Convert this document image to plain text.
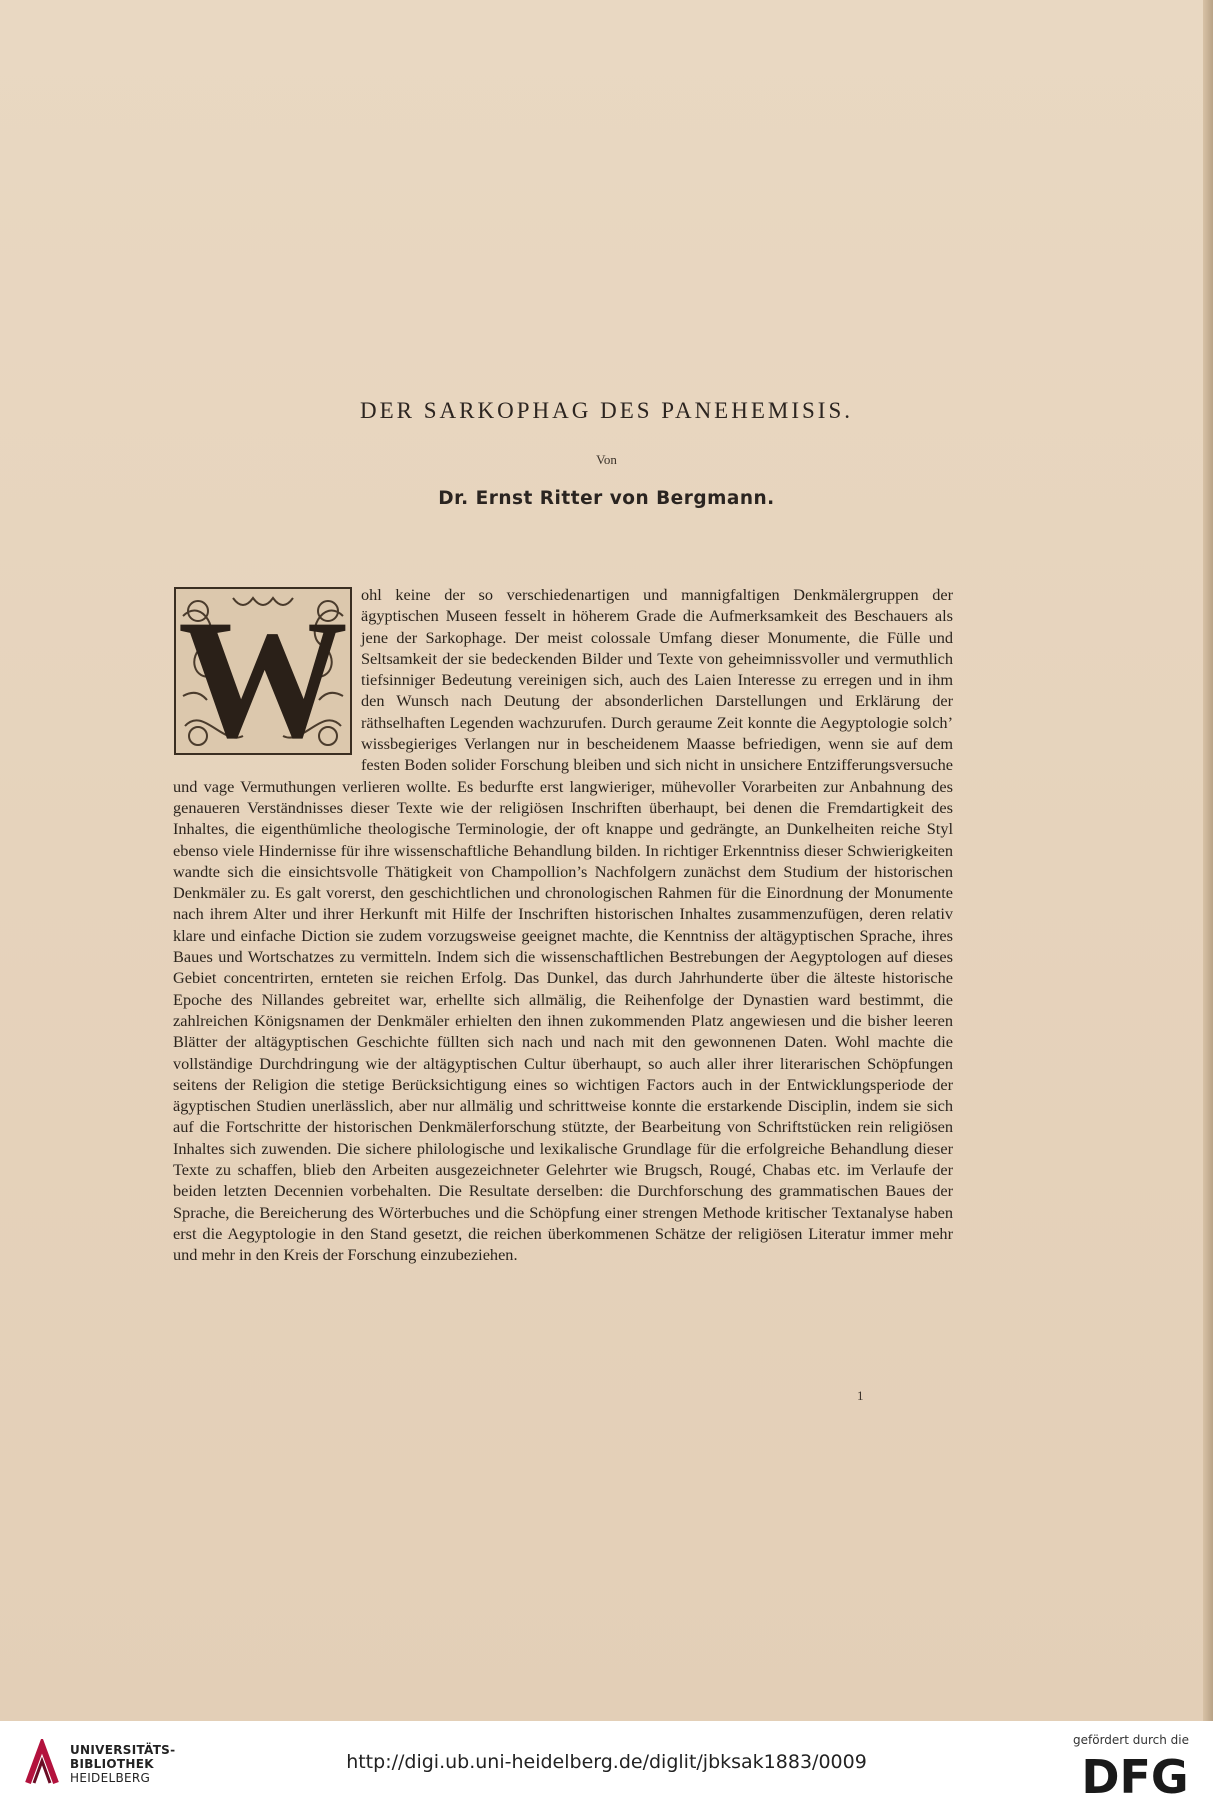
DER SARKOPHAG DES PANEHEMISIS.
Von
Dr. Ernst Ritter von Bergmann.
W ohl keine der so verschiedenartigen und mannigfaltigen Denkmälergruppen der ägyptischen Museen fesselt in höherem Grade die Aufmerksamkeit des Beschauers als jene der Sarkophage. Der meist colossale Umfang dieser Monumente, die Fülle und Seltsamkeit der sie bedeckenden Bilder und Texte von geheimnissvoller und vermuthlich tiefsinniger Bedeutung vereinigen sich, auch des Laien Interesse zu erregen und in ihm den Wunsch nach Deutung der absonderlichen Darstellungen und Erklärung der räthselhaften Legenden wachzurufen. Durch geraume Zeit konnte die Aegyptologie solch’ wissbegieriges Verlangen nur in bescheidenem Maasse befriedigen, wenn sie auf dem festen Boden solider Forschung bleiben und sich nicht in unsichere Entzifferungsversuche und vage Vermuthungen verlieren wollte. Es bedurfte erst langwieriger, mühevoller Vorarbeiten zur Anbahnung des genaueren Verständnisses dieser Texte wie der religiösen Inschriften überhaupt, bei denen die Fremdartigkeit des Inhaltes, die eigenthümliche theologische Terminologie, der oft knappe und gedrängte, an Dunkelheiten reiche Styl ebenso viele Hindernisse für ihre wissenschaftliche Behandlung bilden. In richtiger Erkenntniss dieser Schwierigkeiten wandte sich die einsichtsvolle Thätigkeit von Champollion’s Nachfolgern zunächst dem Studium der historischen Denkmäler zu. Es galt vorerst, den geschichtlichen und chronologischen Rahmen für die Einordnung der Monumente nach ihrem Alter und ihrer Herkunft mit Hilfe der Inschriften historischen Inhaltes zusammenzufügen, deren relativ klare und einfache Diction sie zudem vorzugsweise geeignet machte, die Kenntniss der altägyptischen Sprache, ihres Baues und Wortschatzes zu vermitteln. Indem sich die wissenschaftlichen Bestrebungen der Aegyptologen auf dieses Gebiet concentrirten, ernteten sie reichen Erfolg. Das Dunkel, das durch Jahrhunderte über die älteste historische Epoche des Nillandes gebreitet war, erhellte sich allmälig, die Reihenfolge der Dynastien ward bestimmt, die zahlreichen Königsnamen der Denkmäler erhielten den ihnen zukommenden Platz angewiesen und die bisher leeren Blätter der altägyptischen Geschichte füllten sich nach und nach mit den gewonnenen Daten. Wohl machte die vollständige Durchdringung wie der altägyptischen Cultur überhaupt, so auch aller ihrer literarischen Schöpfungen seitens der Religion die stetige Berücksichtigung eines so wichtigen Factors auch in der Entwicklungsperiode der ägyptischen Studien unerlässlich, aber nur allmälig und schrittweise konnte die erstarkende Disciplin, indem sie sich auf die Fortschritte der historischen Denkmälerforschung stützte, der Bearbeitung von Schriftstücken rein religiösen Inhaltes sich zuwenden. Die sichere philologische und lexikalische Grundlage für die erfolgreiche Behandlung dieser Texte zu schaffen, blieb den Arbeiten ausgezeichneter Gelehrter wie Brugsch, Rougé, Chabas etc. im Verlaufe der beiden letzten Decennien vorbehalten. Die Resultate derselben: die Durchforschung des grammatischen Baues der Sprache, die Bereicherung des Wörterbuches und die Schöpfung einer strengen Methode kritischer Textanalyse haben erst die Aegyptologie in den Stand gesetzt, die reichen überkommenen Schätze der religiösen Literatur immer mehr und mehr in den Kreis der Forschung einzubeziehen.
1
UNIVERSITÄTS-
BIBLIOTHEK
HEIDELBERG
http://digi.ub.uni-heidelberg.de/diglit/jbksak1883/0009
gefördert durch die
DFG
